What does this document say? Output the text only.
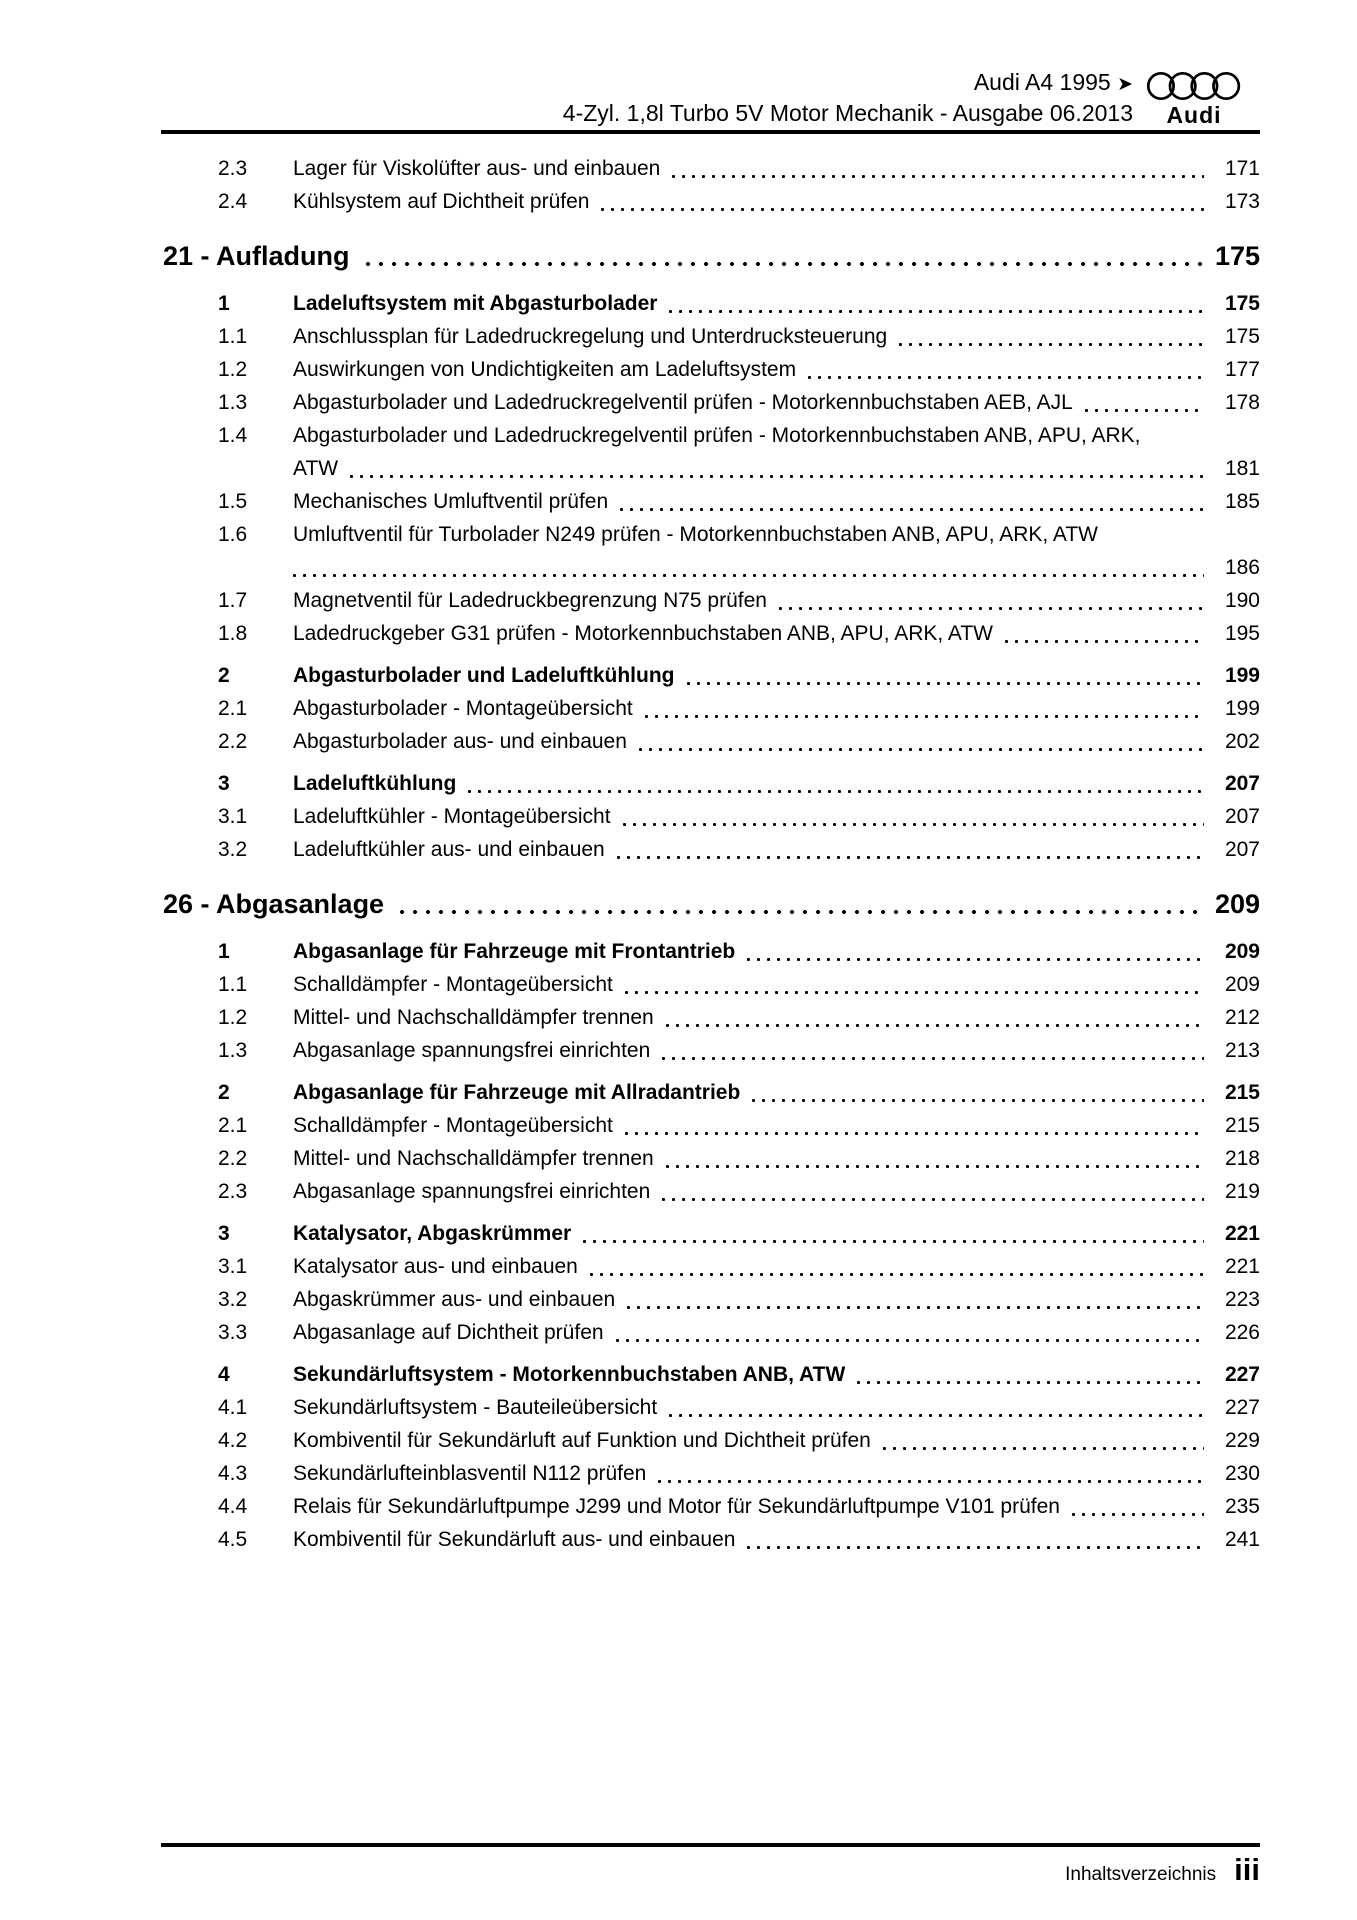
Audi A4 1995 ➤
4-Zyl. 1,8l Turbo 5V Motor Mechanik - Ausgabe 06.2013	Audi
2.3	Lager für Viskolüfter aus- und einbauen	171
2.4	Kühlsystem auf Dichtheit prüfen	173
21 - Aufladung	175
1	Ladeluftsystem mit Abgasturbolader	175
1.1	Anschlussplan für Ladedruckregelung und Unterdrucksteuerung	175
1.2	Auswirkungen von Undichtigkeiten am Ladeluftsystem	177
1.3	Abgasturbolader und Ladedruckregelventil prüfen - Motorkennbuchstaben AEB, AJL	178
1.4	Abgasturbolader und Ladedruckregelventil prüfen - Motorkennbuchstaben ANB, APU, ARK,
ATW	181
1.5	Mechanisches Umluftventil prüfen	185
1.6	Umluftventil für Turbolader N249 prüfen - Motorkennbuchstaben ANB, APU, ARK, ATW
186
1.7	Magnetventil für Ladedruckbegrenzung N75 prüfen	190
1.8	Ladedruckgeber G31 prüfen - Motorkennbuchstaben ANB, APU, ARK, ATW	195
2	Abgasturbolader und Ladeluftkühlung	199
2.1	Abgasturbolader - Montageübersicht	199
2.2	Abgasturbolader aus- und einbauen	202
3	Ladeluftkühlung	207
3.1	Ladeluftkühler - Montageübersicht	207
3.2	Ladeluftkühler aus- und einbauen	207
26 - Abgasanlage	209
1	Abgasanlage für Fahrzeuge mit Frontantrieb	209
1.1	Schalldämpfer - Montageübersicht	209
1.2	Mittel- und Nachschalldämpfer trennen	212
1.3	Abgasanlage spannungsfrei einrichten	213
2	Abgasanlage für Fahrzeuge mit Allradantrieb	215
2.1	Schalldämpfer - Montageübersicht	215
2.2	Mittel- und Nachschalldämpfer trennen	218
2.3	Abgasanlage spannungsfrei einrichten	219
3	Katalysator, Abgaskrümmer	221
3.1	Katalysator aus- und einbauen	221
3.2	Abgaskrümmer aus- und einbauen	223
3.3	Abgasanlage auf Dichtheit prüfen	226
4	Sekundärluftsystem - Motorkennbuchstaben ANB, ATW	227
4.1	Sekundärluftsystem - Bauteileübersicht	227
4.2	Kombiventil für Sekundärluft auf Funktion und Dichtheit prüfen	229
4.3	Sekundärlufteinblasventil N112 prüfen	230
4.4	Relais für Sekundärluftpumpe J299 und Motor für Sekundärluftpumpe V101 prüfen	235
4.5	Kombiventil für Sekundärluft aus- und einbauen	241
Inhaltsverzeichnis iii
